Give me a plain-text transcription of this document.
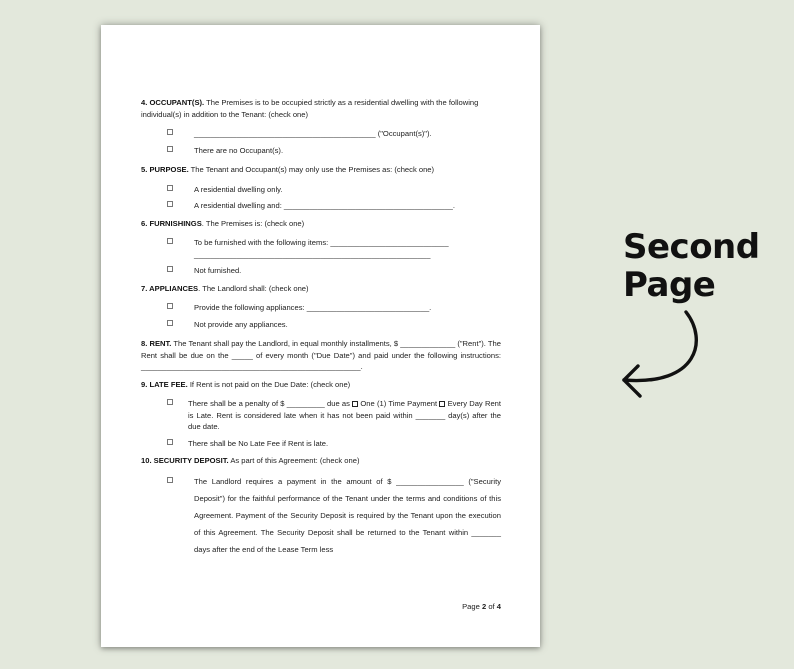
4. OCCUPANT(S). The Premises is to be occupied strictly as a residential dwelling with the following individual(s) in addition to the Tenant: (check one)

___________________________________________ ("Occupant(s)").
There are no Occupant(s).

5. PURPOSE. The Tenant and Occupant(s) may only use the Premises as: (check one)

A residential dwelling only.
A residential dwelling and: ________________________________________.

6. FURNISHINGS. The Premises is: (check one)

To be furnished with the following items: ____________________________
________________________________________________________
Not furnished.

7. APPLIANCES. The Landlord shall: (check one)

Provide the following appliances: _____________________________.
Not provide any appliances.

8. RENT. The Tenant shall pay the Landlord, in equal monthly installments, $ _____________ ("Rent"). The Rent shall be due on the _____ of every month ("Due Date") and paid under the following instructions: ____________________________________________________.

9. LATE FEE. If Rent is not paid on the Due Date: (check one)

There shall be a penalty of $ _________ due as  One (1) Time Payment  Every Day Rent is Late. Rent is considered late when it has not been paid within _______ day(s) after the due date.
There shall be No Late Fee if Rent is late.

10. SECURITY DEPOSIT. As part of this Agreement: (check one)

The Landlord requires a payment in the amount of $ ________________ ("Security Deposit") for the faithful performance of the Tenant under the terms and conditions of this Agreement. Payment of the Security Deposit is required by the Tenant upon the execution of this Agreement. The Security Deposit shall be returned to the Tenant within _______ days after the end of the Lease Term less
Page 2 of 4
Second
Page
